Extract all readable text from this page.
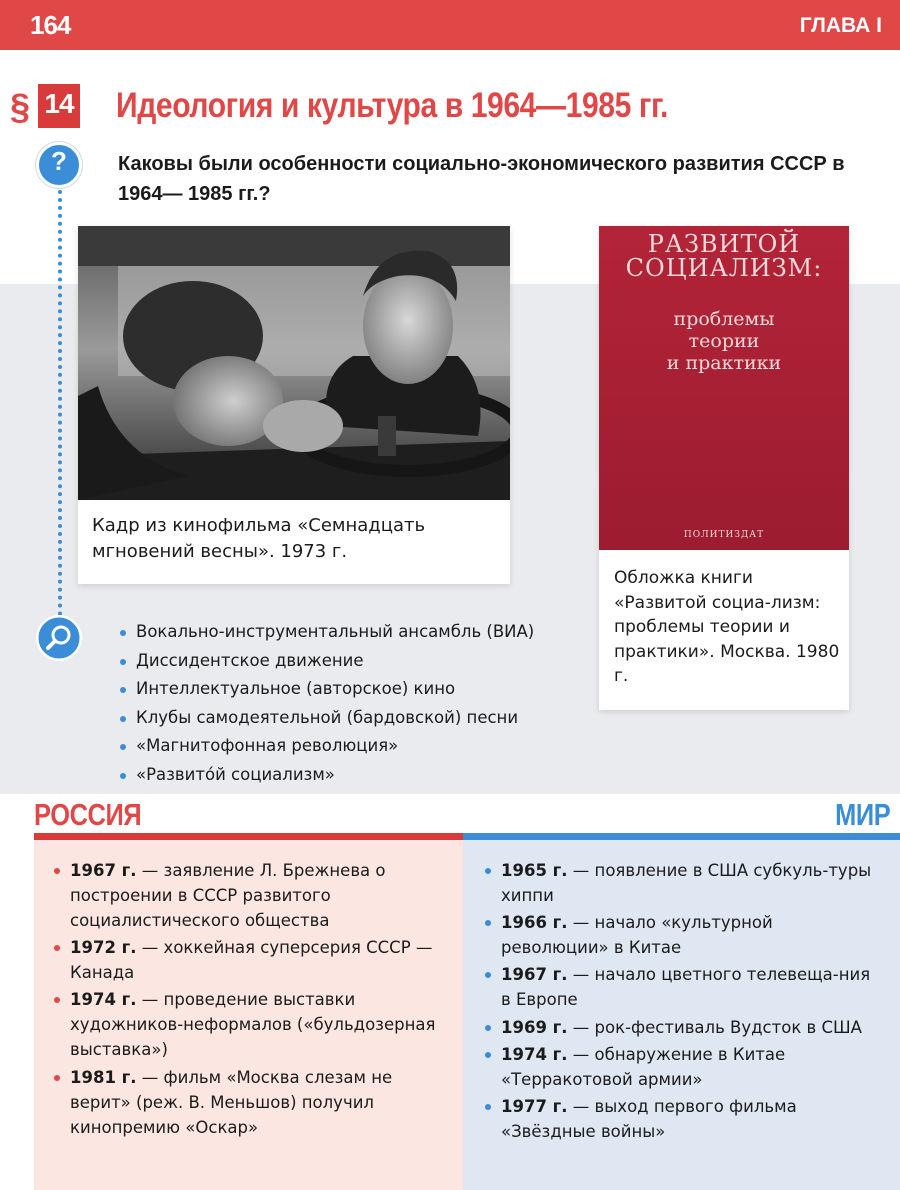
164	ГЛАВА I
§ 14 Идеология и культура в 1964—1985 гг.
?	Каковы были особенности социально-экономического развития СССР в 1964— 1985 гг.?
Кадр из кинофильма «Семнадцать мгновений весны». 1973 г.
РАЗВИТОЙ
СОЦИАЛИЗМ:
проблемы
теории
и практики
ПОЛИТИЗДАТ
Обложка книги «Развитой социа-лизм: проблемы теории и практики». Москва. 1980 г.
Вокально-инструментальный ансамбль (ВИА)
Диссидентское движение
Интеллектуальное (авторское) кино
Клубы самодеятельной (бардовской) песни
«Магнитофонная революция»
«Развито́й социализм»
РОССИЯ	МИР
1967 г. — заявление Л. Брежнева о построении в СССР развитого социалистического общества
1972 г. — хоккейная суперсерия СССР — Канада
1974 г. — проведение выставки художников-неформалов («бульдозерная выставка»)
1981 г. — фильм «Москва слезам не верит» (реж. В. Меньшов) получил кинопремию «Оскар»
1965 г. — появление в США субкуль-туры хиппи
1966 г. — начало «культурной революции» в Китае
1967 г. — начало цветного телевеща-ния в Европе
1969 г. — рок-фестиваль Вудсток в США
1974 г. — обнаружение в Китае «Терракотовой армии»
1977 г. — выход первого фильма «Звёздные войны»
